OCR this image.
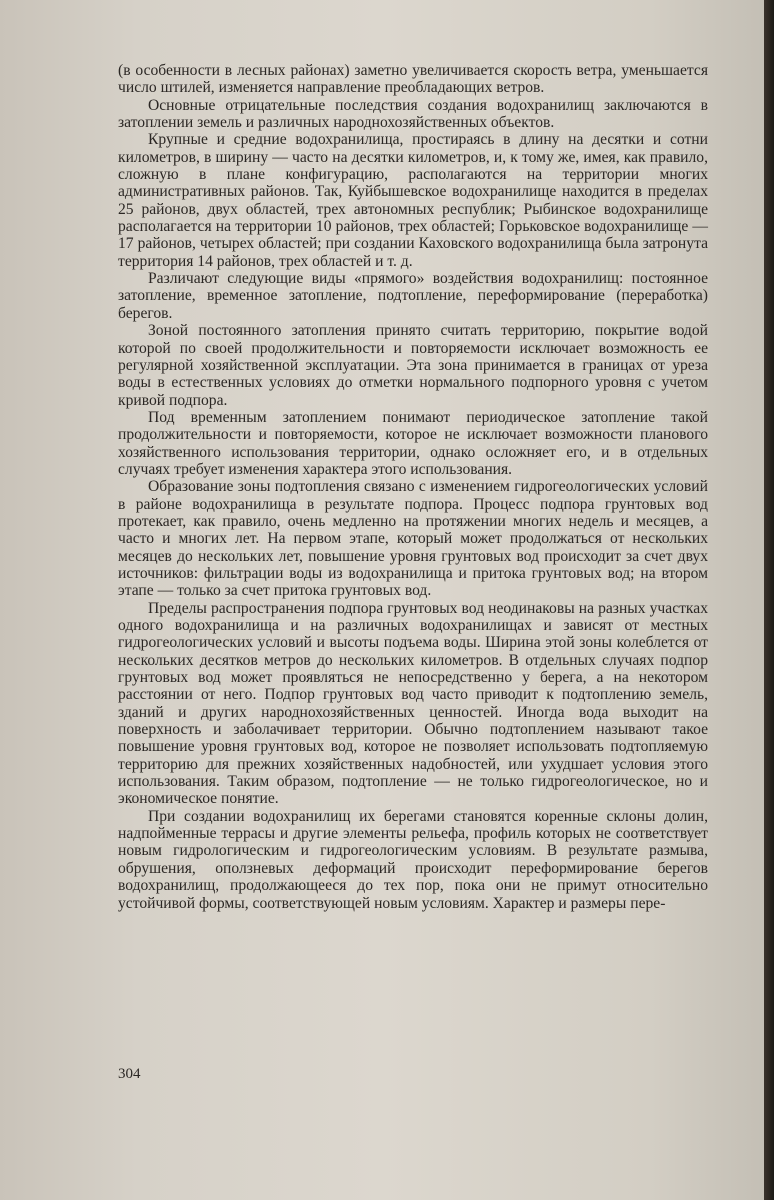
(в особенности в лесных районах) заметно увеличивается скорость ветра, уменьшается число штилей, изменяется направление преобладающих ветров.

Основные отрицательные последствия создания водохранилищ заключаются в затоплении земель и различных народнохозяйственных объектов.

Крупные и средние водохранилища, простираясь в длину на десятки и сотни километров, в ширину — часто на десятки километров, и, к тому же, имея, как правило, сложную в плане конфигурацию, располагаются на территории многих административных районов. Так, Куйбышевское водохранилище находится в пределах 25 районов, двух областей, трех автономных республик; Рыбинское водохранилище располагается на территории 10 районов, трех областей; Горьковское водохранилище — 17 районов, четырех областей; при создании Каховского водохранилища была затронута территория 14 районов, трех областей и т. д.

Различают следующие виды «прямого» воздействия водохранилищ: постоянное затопление, временное затопление, подтопление, переформирование (переработка) берегов.

Зоной постоянного затопления принято считать территорию, покрытие водой которой по своей продолжительности и повторяемости исключает возможность ее регулярной хозяйственной эксплуатации. Эта зона принимается в границах от уреза воды в естественных условиях до отметки нормального подпорного уровня с учетом кривой подпора.

Под временным затоплением понимают периодическое затопление такой продолжительности и повторяемости, которое не исключает возможности планового хозяйственного использования территории, однако осложняет его, и в отдельных случаях требует изменения характера этого использования.

Образование зоны подтопления связано с изменением гидрогеологических условий в районе водохранилища в результате подпора. Процесс подпора грунтовых вод протекает, как правило, очень медленно на протяжении многих недель и месяцев, а часто и многих лет. На первом этапе, который может продолжаться от нескольких месяцев до нескольких лет, повышение уровня грунтовых вод происходит за счет двух источников: фильтрации воды из водохранилища и притока грунтовых вод; на втором этапе — только за счет притока грунтовых вод.

Пределы распространения подпора грунтовых вод неодинаковы на разных участках одного водохранилища и на различных водохранилищах и зависят от местных гидрогеологических условий и высоты подъема воды. Ширина этой зоны колеблется от нескольких десятков метров до нескольких километров. В отдельных случаях подпор грунтовых вод может проявляться не непосредственно у берега, а на некотором расстоянии от него. Подпор грунтовых вод часто приводит к подтоплению земель, зданий и других народнохозяйственных ценностей. Иногда вода выходит на поверхность и заболачивает территории. Обычно подтоплением называют такое повышение уровня грунтовых вод, которое не позволяет использовать подтопляемую территорию для прежних хозяйственных надобностей, или ухудшает условия этого использования. Таким образом, подтопление — не только гидрогеологическое, но и экономическое понятие.

При создании водохранилищ их берегами становятся коренные склоны долин, надпойменные террасы и другие элементы рельефа, профиль которых не соответствует новым гидрологическим и гидрогеологическим условиям. В результате размыва, обрушения, оползневых деформаций происходит переформирование берегов водохранилищ, продолжающееся до тех пор, пока они не примут относительно устойчивой формы, соответствующей новым условиям. Характер и размеры пере-

304
